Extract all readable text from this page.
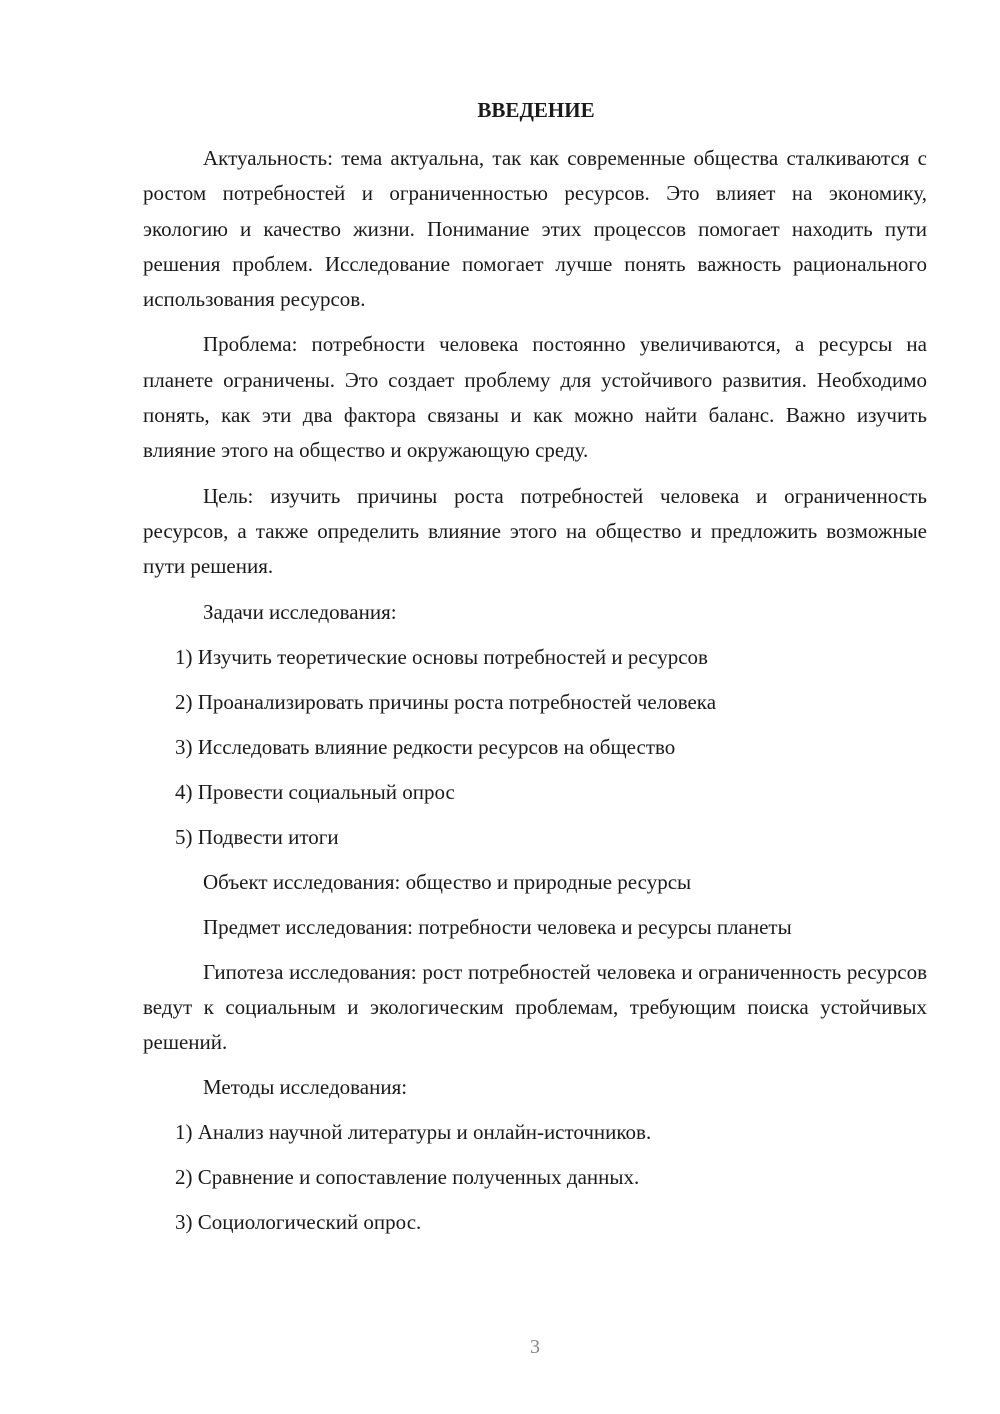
ВВЕДЕНИЕ

Актуальность: тема актуальна, так как современные общества сталкиваются с ростом потребностей и ограниченностью ресурсов. Это влияет на экономику, экологию и качество жизни. Понимание этих процессов помогает находить пути решения проблем. Исследование помогает лучше понять важность рационального использования ресурсов.

Проблема: потребности человека постоянно увеличиваются, а ресурсы на планете ограничены. Это создает проблему для устойчивого развития. Необходимо понять, как эти два фактора связаны и как можно найти баланс. Важно изучить влияние этого на общество и окружающую среду.

Цель: изучить причины роста потребностей человека и ограниченность ресурсов, а также определить влияние этого на общество и предложить возможные пути решения.

Задачи исследования:
1) Изучить теоретические основы потребностей и ресурсов
2) Проанализировать причины роста потребностей человека
3) Исследовать влияние редкости ресурсов на общество
4) Провести социальный опрос
5) Подвести итоги
Объект исследования: общество и природные ресурсы
Предмет исследования: потребности человека и ресурсы планеты

Гипотеза исследования: рост потребностей человека и ограниченность ресурсов ведут к социальным и экологическим проблемам, требующим поиска устойчивых решений.

Методы исследования:
1) Анализ научной литературы и онлайн-источников.
2) Сравнение и сопоставление полученных данных.
3) Социологический опрос.
3
